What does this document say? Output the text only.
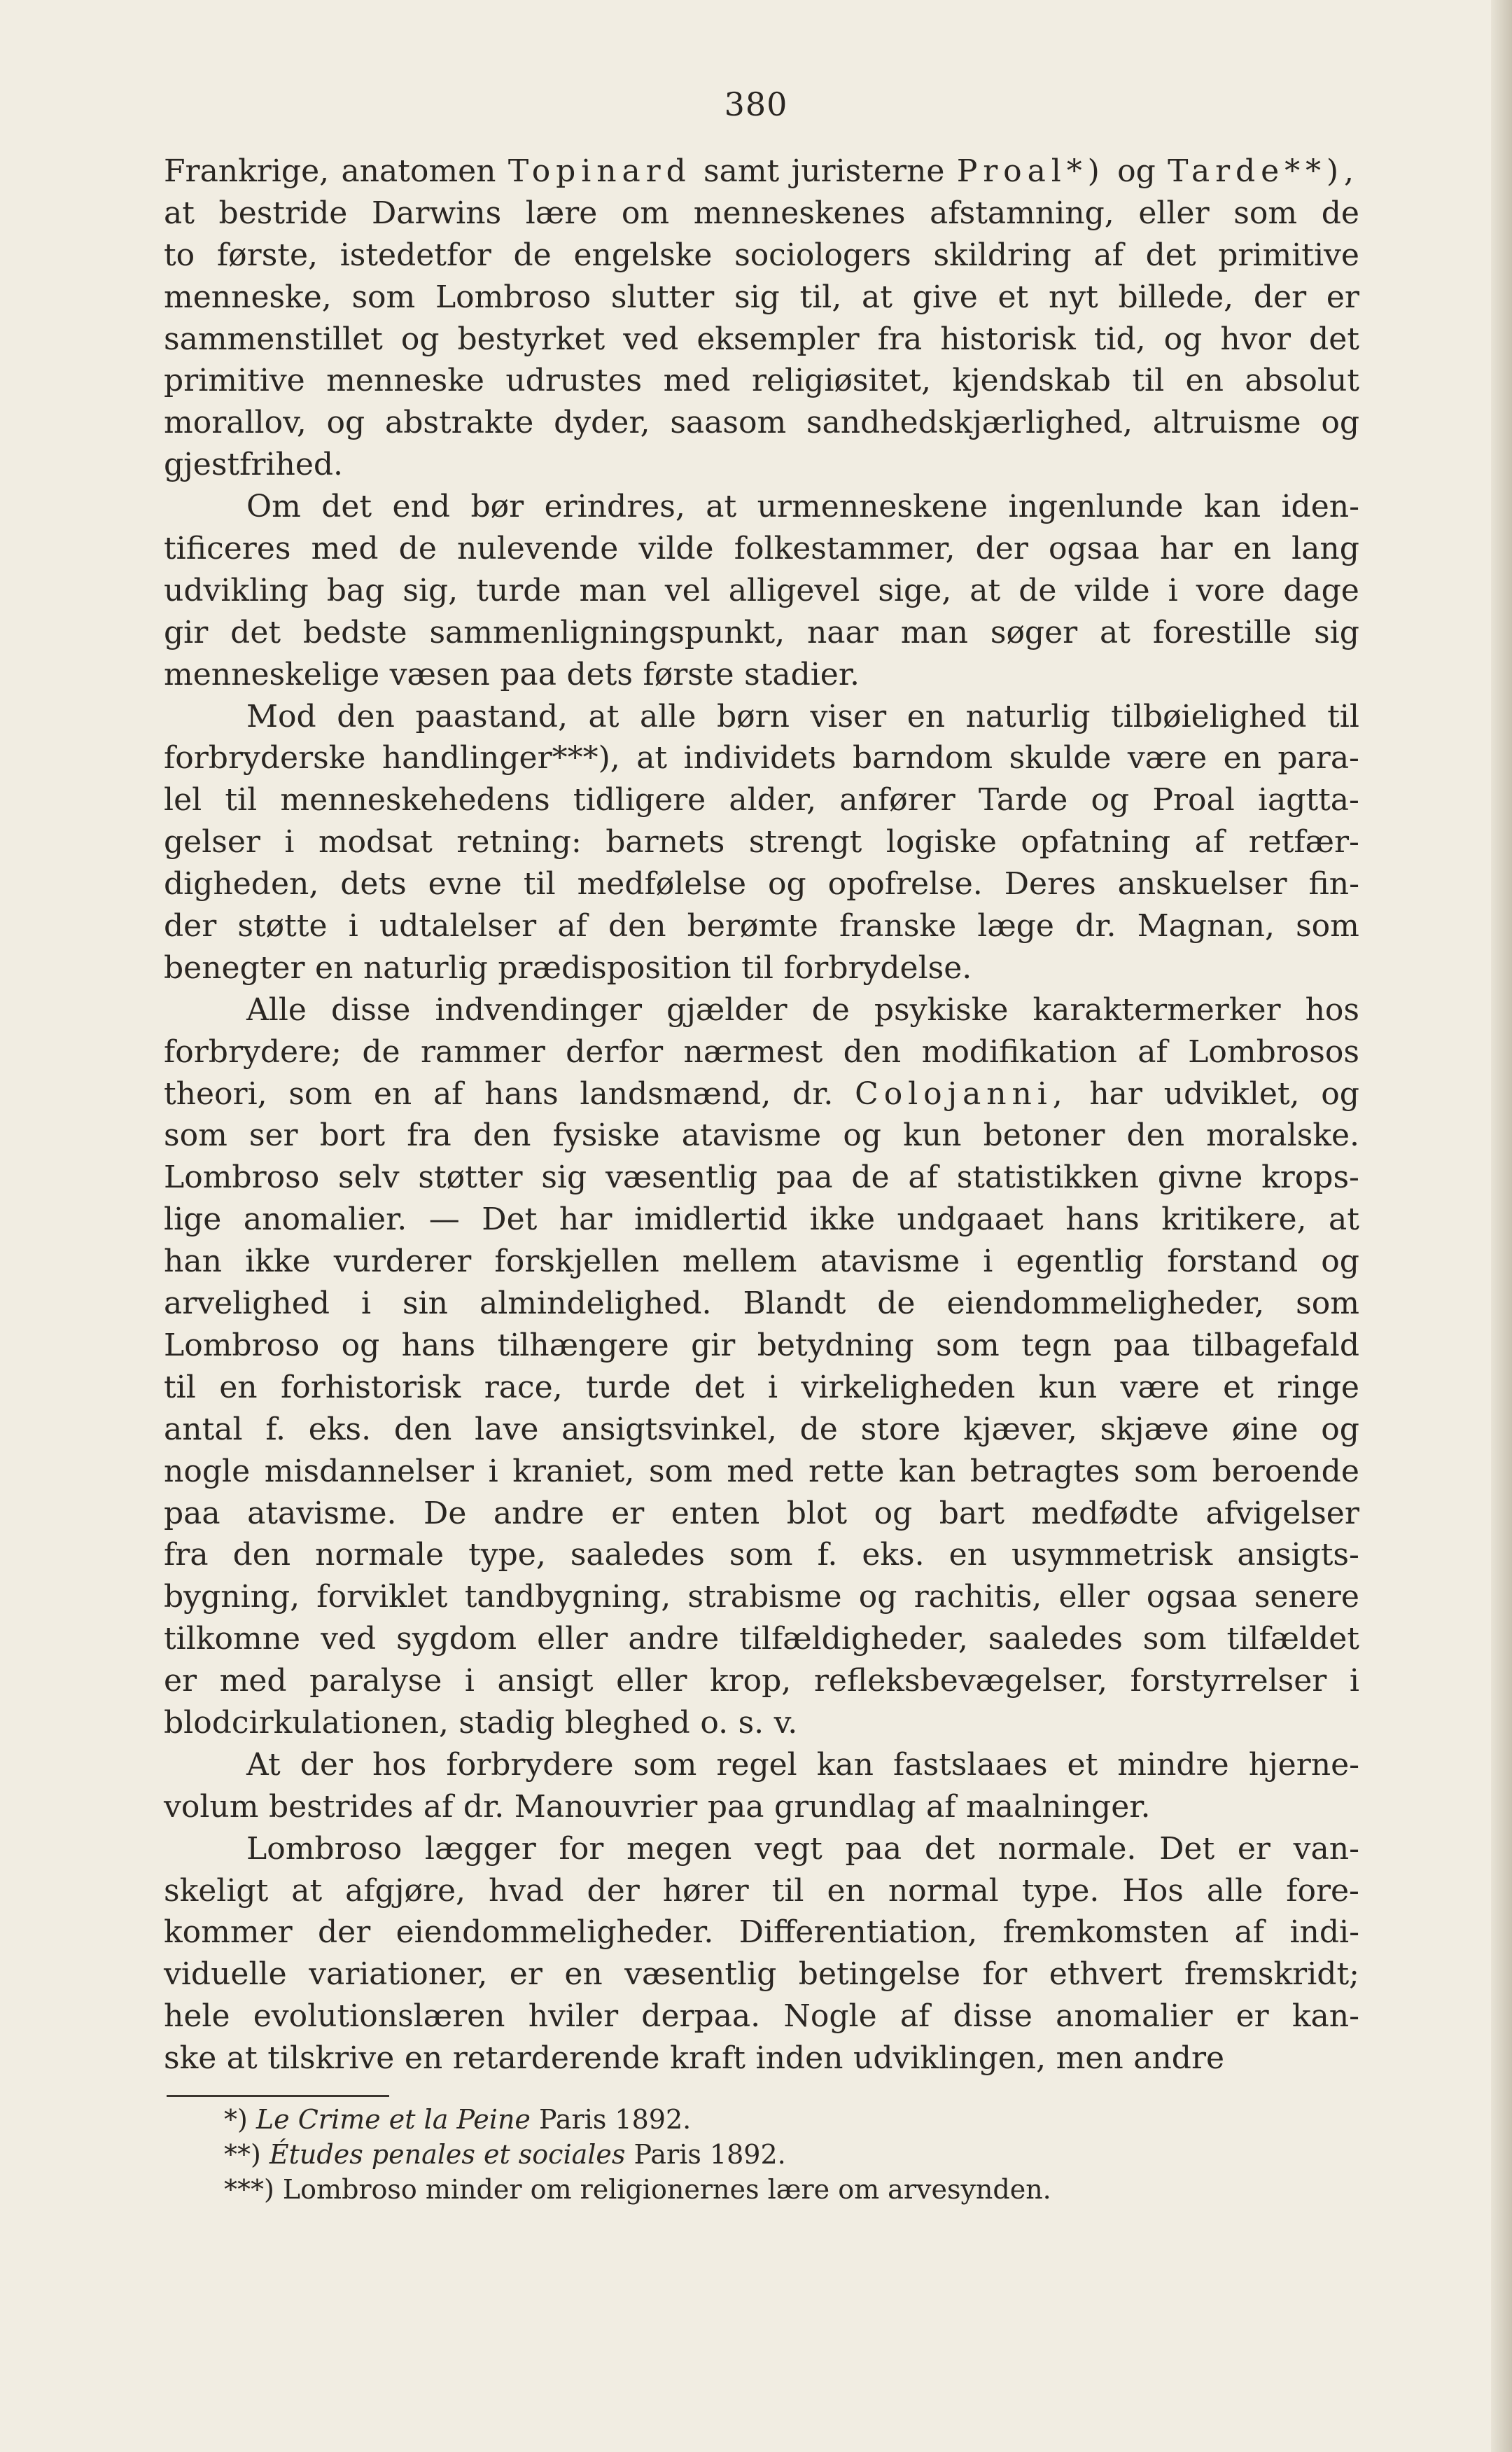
380
Frankrige, anatomen Topinard samt juristerne Proal*) og Tarde**),
at bestride Darwins lære om menneskenes afstamning, eller som de
to første, istedetfor de engelske sociologers skildring af det primitive
menneske, som Lombroso slutter sig til, at give et nyt billede, der er
sammenstillet og bestyrket ved eksempler fra historisk tid, og hvor det
primitive menneske udrustes med religiøsitet, kjendskab til en absolut
morallov, og abstrakte dyder, saasom sandhedskjærlighed, altruisme og
gjestfrihed.
Om det end bør erindres, at urmenneskene ingenlunde kan iden-
tificeres med de nulevende vilde folkestammer, der ogsaa har en lang
udvikling bag sig, turde man vel alligevel sige, at de vilde i vore dage
gir det bedste sammenligningspunkt, naar man søger at forestille sig
menneskelige væsen paa dets første stadier.
Mod den paastand, at alle børn viser en naturlig tilbøielighed til
forbryderske handlinger***), at individets barndom skulde være en para-
lel til menneskehedens tidligere alder, anfører Tarde og Proal iagtta-
gelser i modsat retning: barnets strengt logiske opfatning af retfær-
digheden, dets evne til medfølelse og opofrelse. Deres anskuelser fin-
der støtte i udtalelser af den berømte franske læge dr. Magnan, som
benegter en naturlig prædisposition til forbrydelse.
Alle disse indvendinger gjælder de psykiske karaktermerker hos
forbrydere; de rammer derfor nærmest den modifikation af Lombrosos
theori, som en af hans landsmænd, dr. Colojanni, har udviklet, og
som ser bort fra den fysiske atavisme og kun betoner den moralske.
Lombroso selv støtter sig væsentlig paa de af statistikken givne krops-
lige anomalier. — Det har imidlertid ikke undgaaet hans kritikere, at
han ikke vurderer forskjellen mellem atavisme i egentlig forstand og
arvelighed i sin almindelighed. Blandt de eiendommeligheder, som
Lombroso og hans tilhængere gir betydning som tegn paa tilbagefald
til en forhistorisk race, turde det i virkeligheden kun være et ringe
antal f. eks. den lave ansigtsvinkel, de store kjæver, skjæve øine og
nogle misdannelser i kraniet, som med rette kan betragtes som beroende
paa atavisme. De andre er enten blot og bart medfødte afvigelser
fra den normale type, saaledes som f. eks. en usymmetrisk ansigts-
bygning, forviklet tandbygning, strabisme og rachitis, eller ogsaa senere
tilkomne ved sygdom eller andre tilfældigheder, saaledes som tilfældet
er med paralyse i ansigt eller krop, refleksbevægelser, forstyrrelser i
blodcirkulationen, stadig bleghed o. s. v.
At der hos forbrydere som regel kan fastslaaes et mindre hjerne-
volum bestrides af dr. Manouvrier paa grundlag af maalninger.
Lombroso lægger for megen vegt paa det normale. Det er van-
skeligt at afgjøre, hvad der hører til en normal type. Hos alle fore-
kommer der eiendommeligheder. Differentiation, fremkomsten af indi-
viduelle variationer, er en væsentlig betingelse for ethvert fremskridt;
hele evolutionslæren hviler derpaa. Nogle af disse anomalier er kan-
ske at tilskrive en retarderende kraft inden udviklingen, men andre
*) Le Crime et la Peine Paris 1892.
**) Études penales et sociales Paris 1892.
***) Lombroso minder om religionernes lære om arvesynden.
